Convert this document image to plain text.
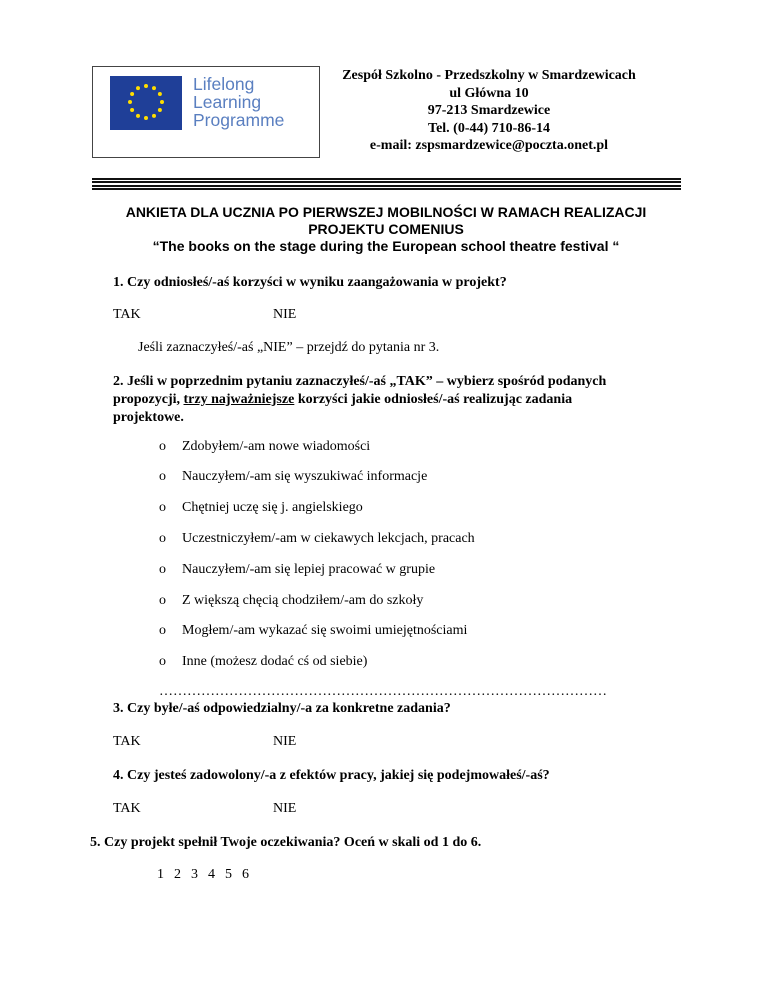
Lifelong
Learning
Programme
Zespół Szkolno - Przedszkolny w Smardzewicach
ul Główna 10
97-213 Smardzewice
Tel. (0-44) 710-86-14
e-mail: zspsmardzewice@poczta.onet.pl
ANKIETA DLA UCZNIA PO PIERWSZEJ MOBILNOŚCI W RAMACH REALIZACJI
PROJEKTU COMENIUS
“The books on the stage during the European school theatre festival “
1. Czy odniosłeś/-aś korzyści w wyniku zaangażowania w projekt?
TAK	NIE
Jeśli zaznaczyłeś/-aś „NIE” – przejdź do pytania nr 3.
2. Jeśli w poprzednim pytaniu zaznaczyłeś/-aś „TAK” – wybierz spośród podanych
propozycji, trzy najważniejsze korzyści jakie odniosłeś/-aś realizując zadania
projektowe.
o Zdobyłem/-am nowe wiadomości
o Nauczyłem/-am się wyszukiwać informacje
o Chętniej uczę się j. angielskiego
o Uczestniczyłem/-am w ciekawych lekcjach, pracach
o Nauczyłem/-am się lepiej pracować w grupie
o Z większą chęcią chodziłem/-am do szkoły
o Mogłem/-am wykazać się swoimi umiejętnościami
o Inne (możesz dodać cś od siebie)
……………………………………………………………………………………
3. Czy byłe/-aś odpowiedzialny/-a za konkretne zadania?
TAK	NIE
4. Czy jesteś zadowolony/-a z efektów pracy, jakiej się podejmowałeś/-aś?
TAK	NIE
5. Czy projekt spełnił Twoje oczekiwania? Oceń w skali od 1 do 6.
1  2  3  4  5  6
